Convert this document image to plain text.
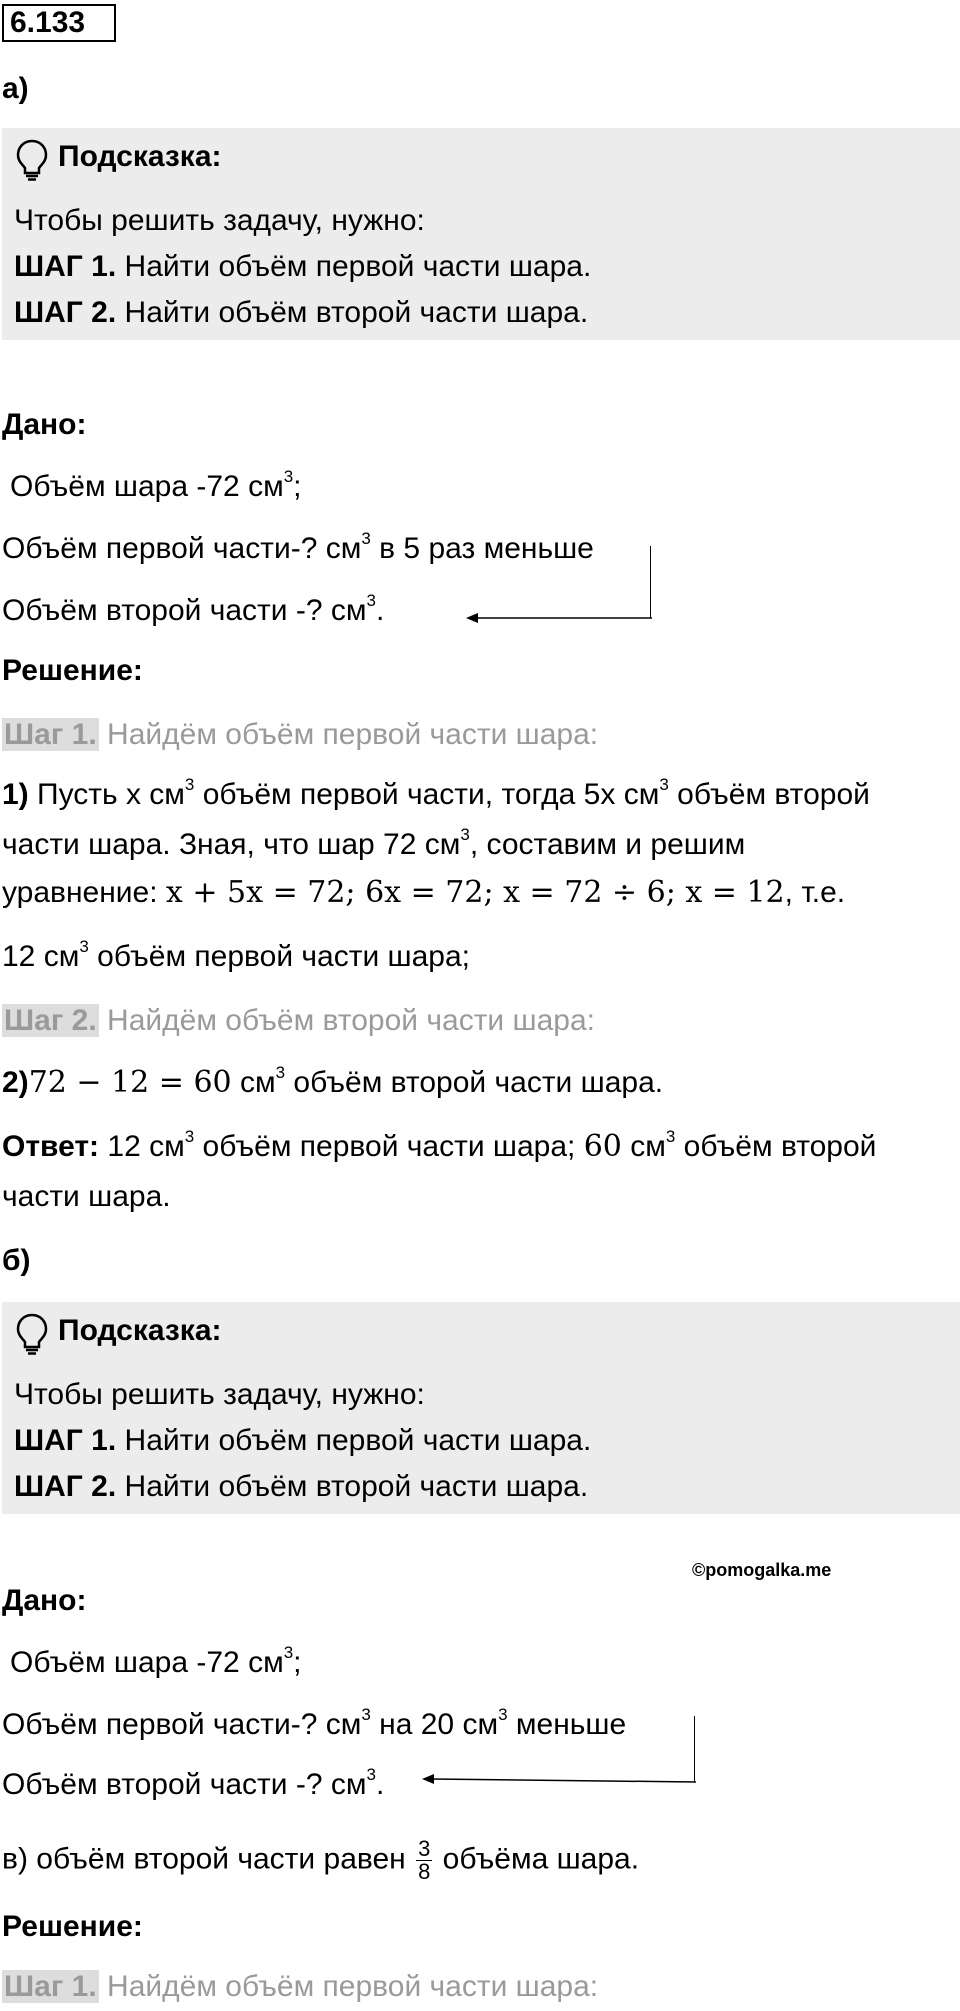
6.133
а)
Подсказка:
Чтобы решить задачу, нужно:
ШАГ 1. Найти объём первой части шара.
ШАГ 2. Найти объём второй части шара.
Дано:
Объём шара -72 $см^3$;
Объём первой части-? $см^3$ в 5 раз меньше
Объём второй части -? $см^3$.
Решение:
Шаг 1. Найдём объём первой части шара:
1) Пусть x $см^3$ объём первой части, тогда 5x $см^3$ объём второй
части шара. Зная, что шар 72 $см^3$, составим и решим
уравнение: x + 5x = 72; 6x = 72; x = 72 ÷ 6; x = 12, т.е.
12 $см^3$ объём первой части шара;
Шаг 2. Найдём объём второй части шара:
2)72 − 12 = 60 $см^3$ объём второй части шара.
Ответ: 12 $см^3$ объём первой части шара; 60 $см^3$ объём второй
части шара.
б)
Подсказка:
Чтобы решить задачу, нужно:
ШАГ 1. Найти объём первой части шара.
ШАГ 2. Найти объём второй части шара.
©pomogalka.me
Дано:
Объём шара -72 $см^3$;
Объём первой части-? $см^3$ на 20 $см^3$ меньше
Объём второй части -? $см^3$.
в) объём второй части равен $\frac{3}{8}$ объёма шара.
Решение:
Шаг 1. Найдём объём первой части шара:
